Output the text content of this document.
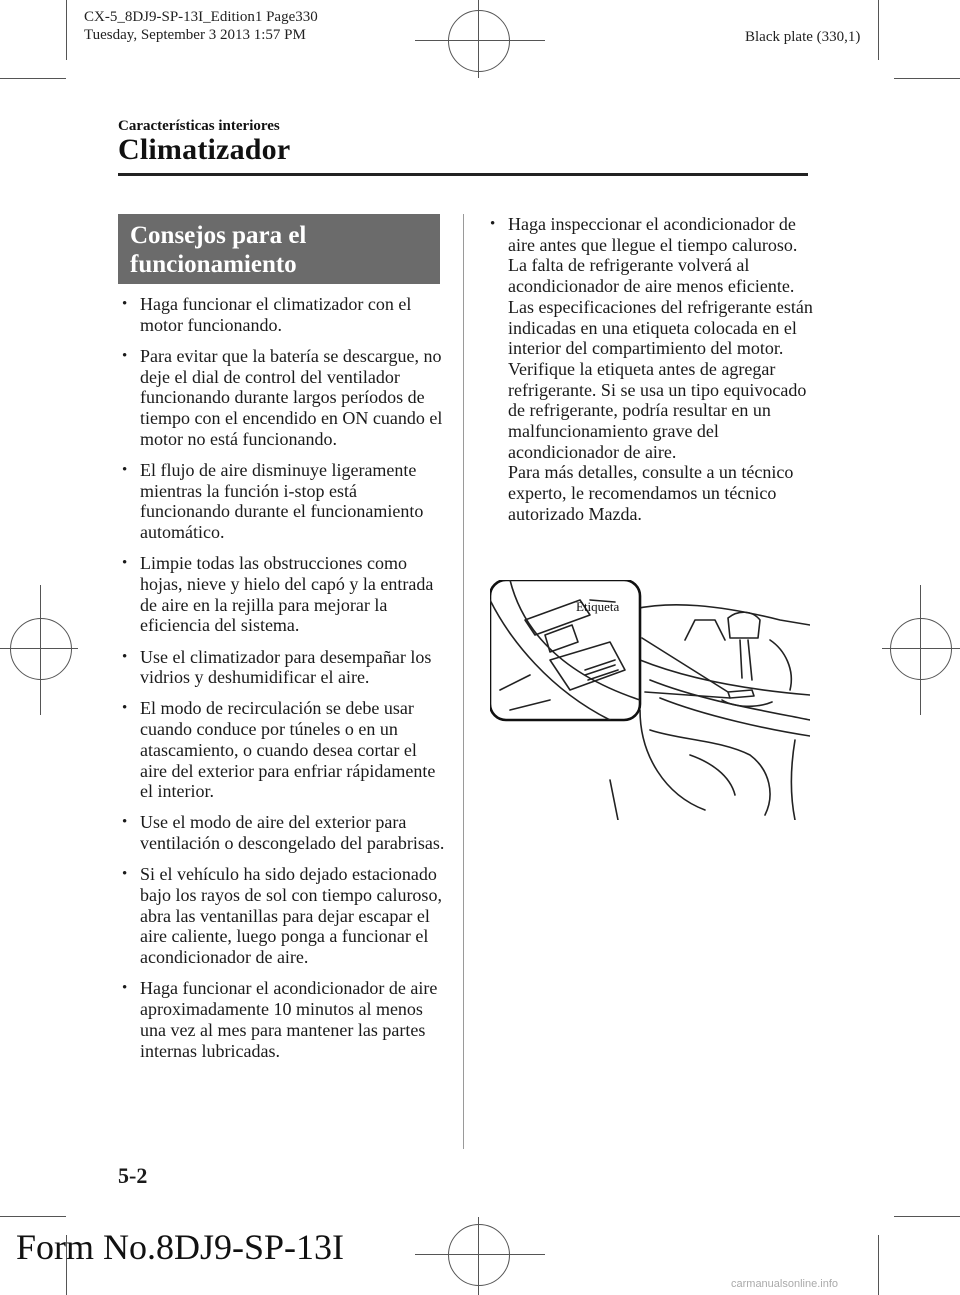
CX-5_8DJ9-SP-13I_Edition1 Page330
Tuesday, September 3 2013 1:57 PM	Black plate (330,1)
Características interiores
Climatizador
Consejos para el
funcionamiento
• Haga funcionar el climatizador con el motor funcionando.
• Para evitar que la batería se descargue, no deje el dial de control del ventilador funcionando durante largos períodos de tiempo con el encendido en ON cuando el motor no está funcionando.
• El flujo de aire disminuye ligeramente mientras la función i-stop está funcionando durante el funcionamiento automático.
• Limpie todas las obstrucciones como hojas, nieve y hielo del capó y la entrada de aire en la rejilla para mejorar la eficiencia del sistema.
• Use el climatizador para desempañar los vidrios y deshumidificar el aire.
• El modo de recirculación se debe usar cuando conduce por túneles o en un atascamiento, o cuando desea cortar el aire del exterior para enfriar rápidamente el interior.
• Use el modo de aire del exterior para ventilación o descongelado del parabrisas.
• Si el vehículo ha sido dejado estacionado bajo los rayos de sol con tiempo caluroso, abra las ventanillas para dejar escapar el aire caliente, luego ponga a funcionar el acondicionador de aire.
• Haga funcionar el acondicionador de aire aproximadamente 10 minutos al menos una vez al mes para mantener las partes internas lubricadas.
• Haga inspeccionar el acondicionador de aire antes que llegue el tiempo caluroso. La falta de refrigerante volverá al acondicionador de aire menos eficiente.
Las especificaciones del refrigerante están indicadas en una etiqueta colocada en el interior del compartimiento del motor. Verifique la etiqueta antes de agregar refrigerante. Si se usa un tipo equivocado de refrigerante, podría resultar en un malfuncionamiento grave del acondicionador de aire.
Para más detalles, consulte a un técnico experto, le recomendamos un técnico autorizado Mazda.
Etiqueta
5-2
Form No.8DJ9-SP-13I
carmanualsonline.info
